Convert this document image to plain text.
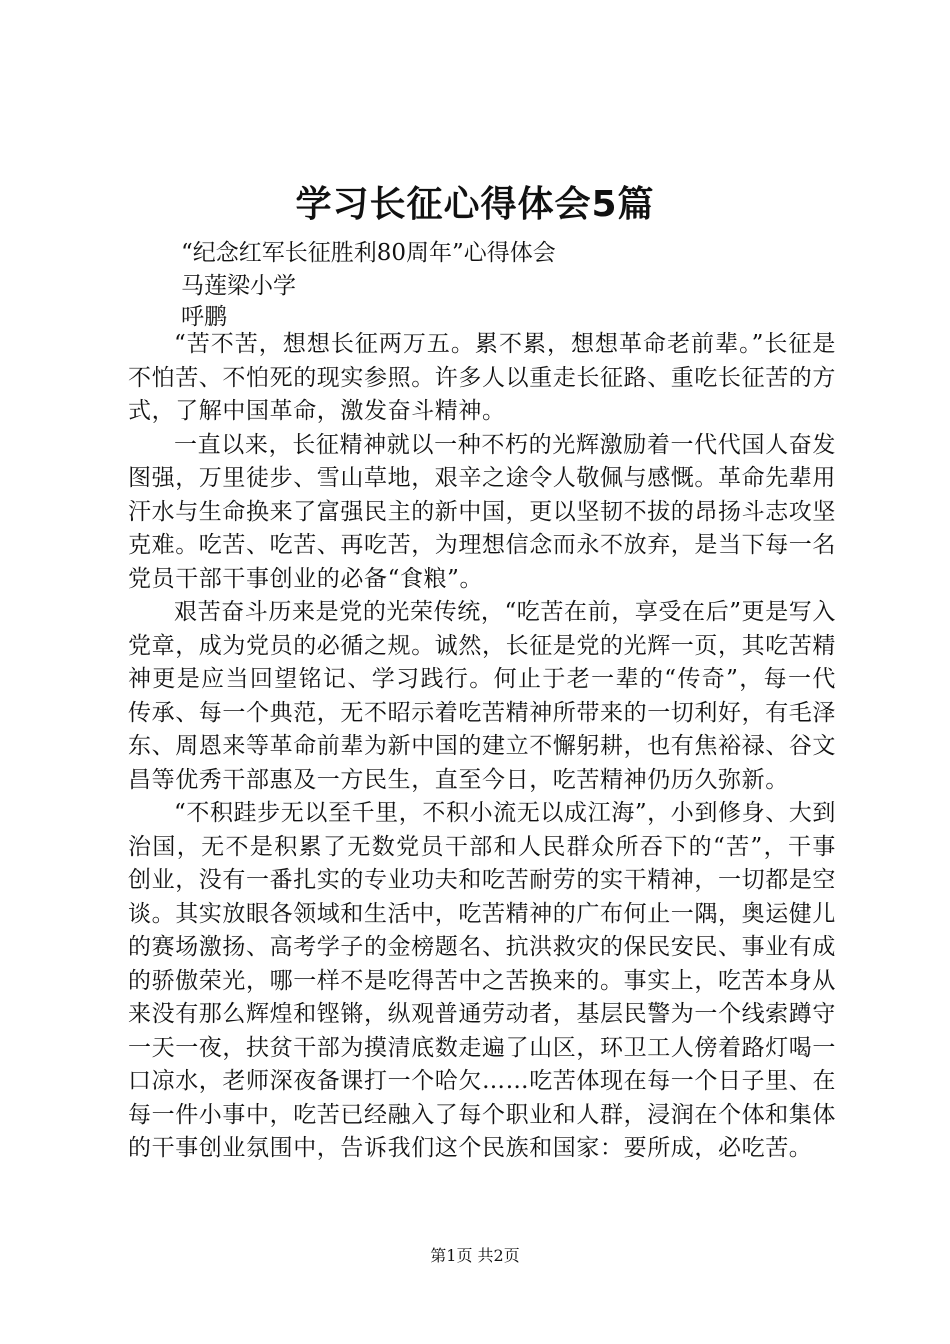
学习长征心得体会5篇
“纪念红军长征胜利80周年”心得体会
马莲梁小学
呼鹏

“苦不苦，想想长征两万五。累不累，想想革命老前辈。”长征是不怕苦、不怕死的现实参照。许多人以重走长征路、重吃长征苦的方式，了解中国革命，激发奋斗精神。

一直以来，长征精神就以一种不朽的光辉激励着一代代国人奋发图强，万里徒步、雪山草地，艰辛之途令人敬佩与感慨。革命先辈用汗水与生命换来了富强民主的新中国，更以坚韧不拔的昂扬斗志攻坚克难。吃苦、吃苦、再吃苦，为理想信念而永不放弃，是当下每一名党员干部干事创业的必备“食粮”。

艰苦奋斗历来是党的光荣传统，“吃苦在前，享受在后”更是写入党章，成为党员的必循之规。诚然，长征是党的光辉一页，其吃苦精神更是应当回望铭记、学习践行。何止于老一辈的“传奇”，每一代传承、每一个典范，无不昭示着吃苦精神所带来的一切利好，有毛泽东、周恩来等革命前辈为新中国的建立不懈躬耕，也有焦裕禄、谷文昌等优秀干部惠及一方民生，直至今日，吃苦精神仍历久弥新。

“不积跬步无以至千里，不积小流无以成江海”，小到修身、大到治国，无不是积累了无数党员干部和人民群众所吞下的“苦”，干事创业，没有一番扎实的专业功夫和吃苦耐劳的实干精神，一切都是空谈。其实放眼各领域和生活中，吃苦精神的广布何止一隅，奥运健儿的赛场激扬、高考学子的金榜题名、抗洪救灾的保民安民、事业有成的骄傲荣光，哪一样不是吃得苦中之苦换来的。事实上，吃苦本身从来没有那么辉煌和铿锵，纵观普通劳动者，基层民警为一个线索蹲守一天一夜，扶贫干部为摸清底数走遍了山区，环卫工人傍着路灯喝一口凉水，老师深夜备课打一个哈欠……吃苦体现在每一个日子里、在每一件小事中，吃苦已经融入了每个职业和人群，浸润在个体和集体的干事创业氛围中，告诉我们这个民族和国家：要所成，必吃苦。

第1页 共2页
